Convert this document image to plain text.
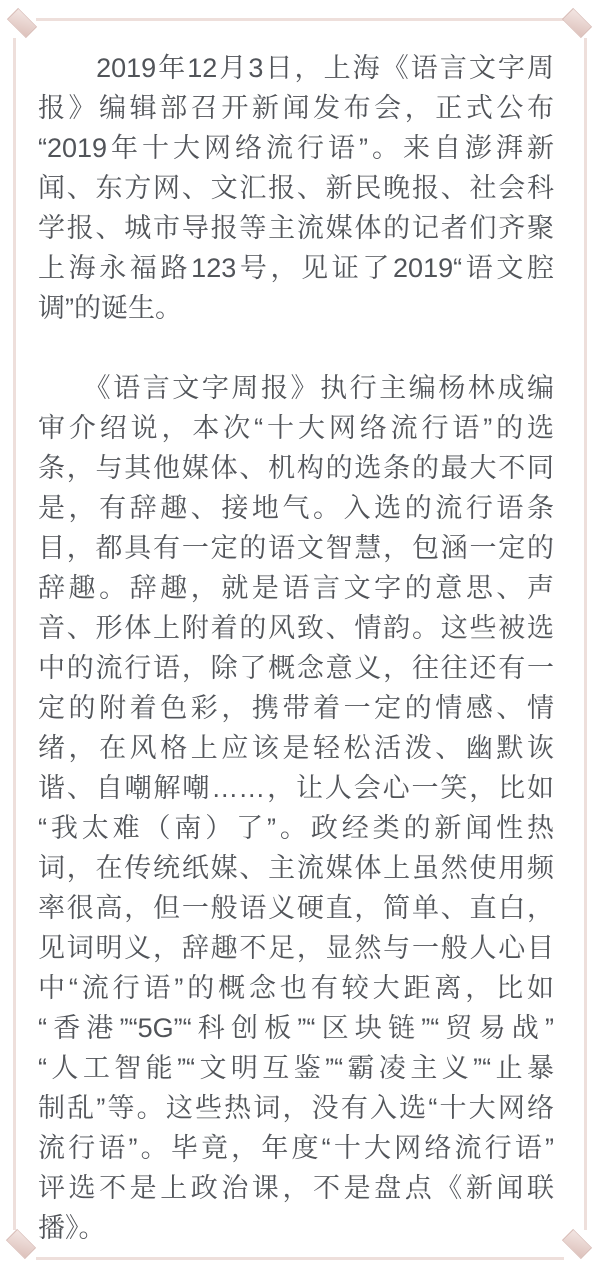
　　2019年12月3日，上海《语言文字周
报》编辑部召开新闻发布会，正式公布
“2019年十大网络流行语”。来自澎湃新
闻、东方网、文汇报、新民晚报、社会科
学报、城市导报等主流媒体的记者们齐聚
上海永福路123号，见证了2019“语文腔
调”的诞生。
　　《语言文字周报》执行主编杨林成编
审介绍说，本次“十大网络流行语”的选
条，与其他媒体、机构的选条的最大不同
是，有辞趣、接地气。入选的流行语条
目，都具有一定的语文智慧，包涵一定的
辞趣。辞趣，就是语言文字的意思、声
音、形体上附着的风致、情韵。这些被选
中的流行语，除了概念意义，往往还有一
定的附着色彩，携带着一定的情感、情
绪，在风格上应该是轻松活泼、幽默诙
谐、自嘲解嘲……，让人会心一笑，比如
“我太难（南）了”。政经类的新闻性热
词，在传统纸媒、主流媒体上虽然使用频
率很高，但一般语义硬直，简单、直白，
见词明义，辞趣不足，显然与一般人心目
中“流行语”的概念也有较大距离，比如
“香港”“5G”“科创板”“区块链”“贸易战”
“人工智能”“文明互鉴”“霸凌主义”“止暴
制乱”等。这些热词，没有入选“十大网络
流行语”。毕竟，年度“十大网络流行语”
评选不是上政治课，不是盘点《新闻联
播》。
